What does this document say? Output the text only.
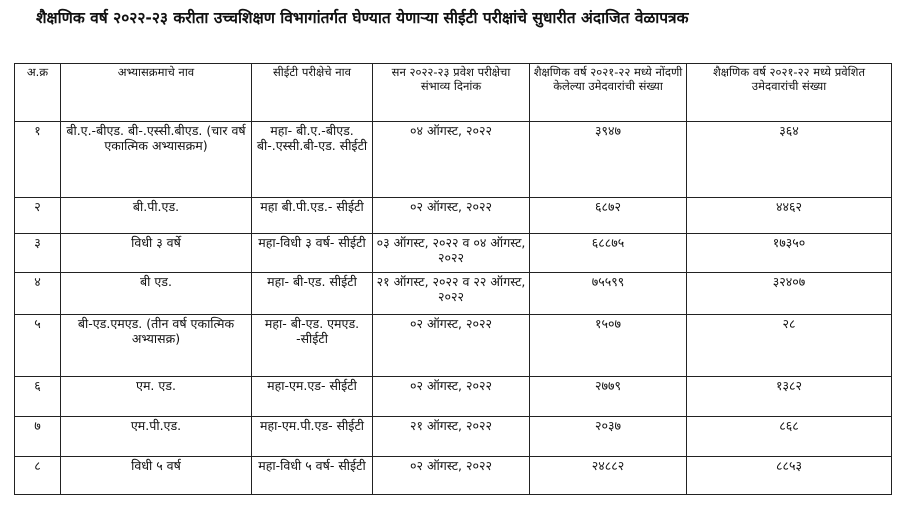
शैक्षणिक वर्ष २०२२-२३ करीता उच्चशिक्षण विभागांतर्गत घेण्यात येणाऱ्या सीईटी परीक्षांचे सुधारीत अंदाजित वेळापत्रक
अ.क्र	अभ्यासक्रमाचे नाव	सीईटी परीक्षेचे नाव	सन २०२२-२३ प्रवेश परीक्षेचा संभाव्य दिनांक	शैक्षणिक वर्ष २०२१-२२ मध्ये नोंदणी केलेल्या उमेदवारांची संख्या	शैक्षणिक वर्ष २०२१-२२ मध्ये प्रवेशित उमेदवारांची संख्या
१	बी.ए.-बीएड. बी-.एस्सी.बीएड. (चार वर्ष एकात्मिक अभ्यासक्रम)	महा- बी.ए.-बीएड. बी-.एस्सी.बी-एड. सीईटी	०४ ऑगस्ट, २०२२	३९४७	३६४
२	बी.पी.एड.	महा बी.पी.एड.- सीईटी	०२ ऑगस्ट, २०२२	६८७२	४४६२
३	विधी ३ वर्षे	महा-विधी ३ वर्ष- सीईटी	०३ ऑगस्ट, २०२२ व ०४ ऑगस्ट, २०२२	६८८७५	१७३५०
४	बी एड.	महा- बी-एड. सीईटी	२१ ऑगस्ट, २०२२ व २२ ऑगस्ट, २०२२	७५५९९	३२४०७
५	बी-एड.एमएड. (तीन वर्ष एकात्मिक अभ्यासक्र)	महा- बी-एड. एमएड. -सीईटी	०२ ऑगस्ट, २०२२	१५०७	२८
६	एम. एड.	महा-एम.एड- सीईटी	०२ ऑगस्ट, २०२२	२७७९	१३८२
७	एम.पी.एड.	महा-एम.पी.एड- सीईटी	२१ ऑगस्ट, २०२२	२०३७	८६८
८	विधी ५ वर्ष	महा-विधी ५ वर्ष- सीईटी	०२ ऑगस्ट, २०२२	२४८८२	८८५३
